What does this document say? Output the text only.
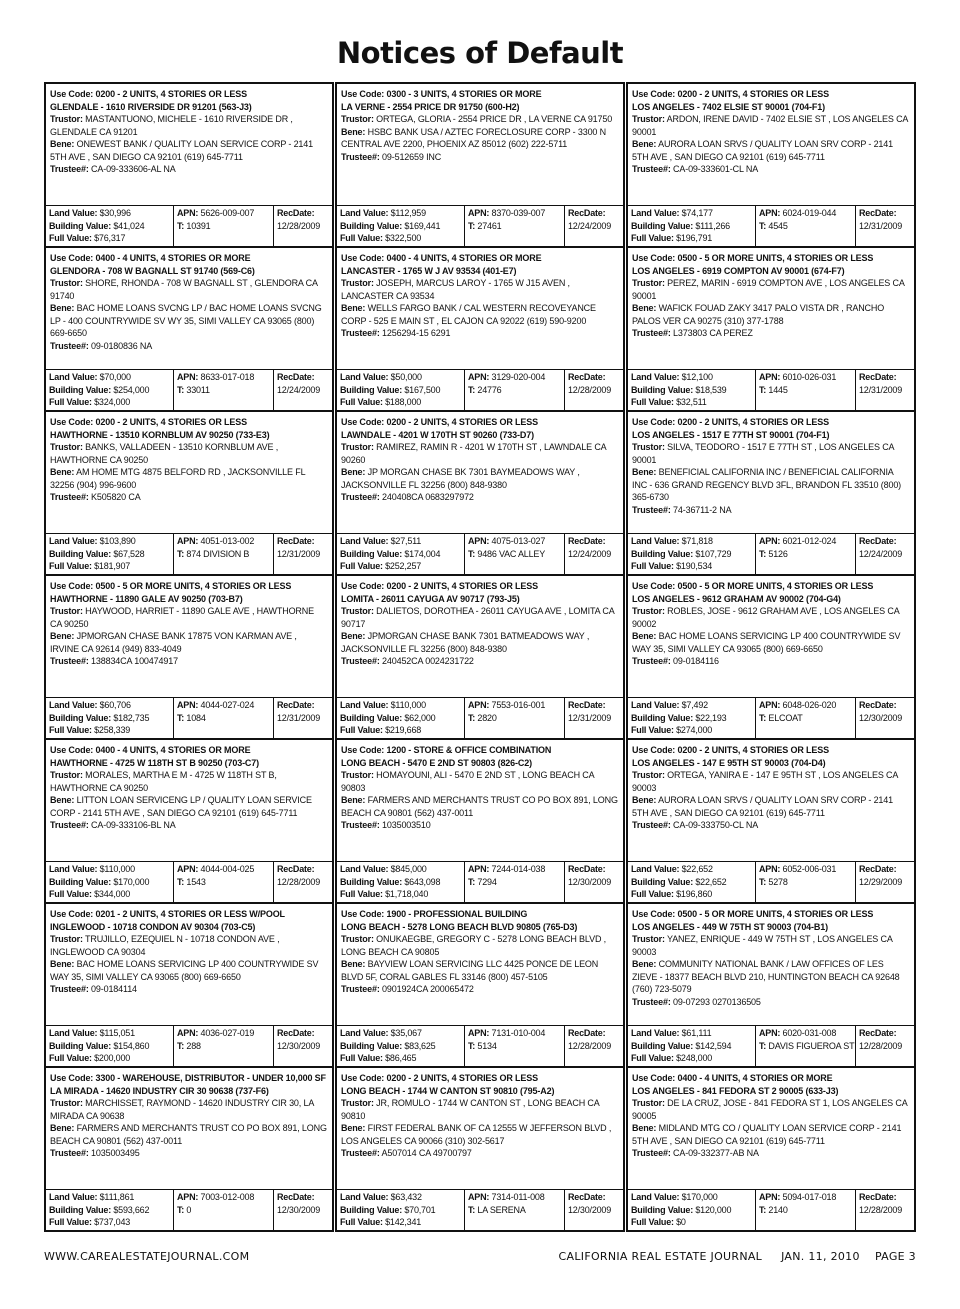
Notices of Default
Use Code: 0200 - 2 UNITS, 4 STORIES OR LESS
GLENDALE - 1610 RIVERSIDE DR 91201 (563-J3)
Trustor: MASTANTUONO, MICHELE - 1610 RIVERSIDE DR , GLENDALE CA 91201
Bene: ONEWEST BANK / QUALITY LOAN SERVICE CORP - 2141 5TH AVE , SAN DIEGO CA 92101 (619) 645-7711
Trustee#: CA-09-333606-AL NA
Land Value: $30,996
Building Value: $41,024
Full Value: $76,317
APN: 5626-009-007
T: 10391
RecDate:
12/28/2009
Use Code: 0400 - 4 UNITS, 4 STORIES OR MORE
GLENDORA - 708 W BAGNALL ST 91740 (569-C6)
Trustor: SHORE, RHONDA - 708 W BAGNALL ST , GLENDORA CA 91740
Bene: BAC HOME LOANS SVCNG LP / BAC HOME LOANS SVCNG LP - 400 COUNTRYWIDE SV WY 35, SIMI VALLEY CA 93065 (800) 669-6650
Trustee#: 09-0180836 NA
Land Value: $70,000
Building Value: $254,000
Full Value: $324,000
APN: 8633-017-018
T: 33011
RecDate:
12/24/2009
Use Code: 0200 - 2 UNITS, 4 STORIES OR LESS
HAWTHORNE - 13510 KORNBLUM AV 90250 (733-E3)
Trustor: BANKS, VALLADEEN - 13510 KORNBLUM AVE , HAWTHORNE CA 90250
Bene: AM HOME MTG 4875 BELFORD RD , JACKSONVILLE FL 32256 (904) 996-9600
Trustee#: K505820 CA
Land Value: $103,890
Building Value: $67,528
Full Value: $181,907
APN: 4051-013-002
T: 874 DIVISION B
RecDate:
12/31/2009
Use Code: 0500 - 5 OR MORE UNITS, 4 STORIES OR LESS
HAWTHORNE - 11890 GALE AV 90250 (703-B7)
Trustor: HAYWOOD, HARRIET - 11890 GALE AVE , HAWTHORNE CA 90250
Bene: JPMORGAN CHASE BANK 17875 VON KARMAN AVE , IRVINE CA 92614 (949) 833-4049
Trustee#: 138834CA 100474917
Land Value: $60,706
Building Value: $182,735
Full Value: $258,339
APN: 4044-027-024
T: 1084
RecDate:
12/31/2009
Use Code: 0400 - 4 UNITS, 4 STORIES OR MORE
HAWTHORNE - 4725 W 118TH ST B 90250 (703-C7)
Trustor: MORALES, MARTHA E M - 4725 W 118TH ST B, HAWTHORNE CA 90250
Bene: LITTON LOAN SERVICENG LP / QUALITY LOAN SERVICE CORP - 2141 5TH AVE , SAN DIEGO CA 92101 (619) 645-7711
Trustee#: CA-09-333106-BL NA
Land Value: $110,000
Building Value: $170,000
Full Value: $344,000
APN: 4044-004-025
T: 1543
RecDate:
12/28/2009
Use Code: 0201 - 2 UNITS, 4 STORIES OR LESS W/POOL
INGLEWOOD - 10718 CONDON AV 90304 (703-C5)
Trustor: TRUJILLO, EZEQUIEL N - 10718 CONDON AVE , INGLEWOOD CA 90304
Bene: BAC HOME LOANS SERVICING LP 400 COUNTRYWIDE SV WAY 35, SIMI VALLEY CA 93065 (800) 669-6650
Trustee#: 09-0184114
Land Value: $115,051
Building Value: $154,860
Full Value: $200,000
APN: 4036-027-019
T: 288
RecDate:
12/30/2009
Use Code: 3300 - WAREHOUSE, DISTRIBUTOR - UNDER 10,000 SF
LA MIRADA - 14620 INDUSTRY CIR 30 90638 (737-F6)
Trustor: MARCHISSET, RAYMOND - 14620 INDUSTRY CIR 30, LA MIRADA CA 90638
Bene: FARMERS AND MERCHANTS TRUST CO PO BOX 891, LONG BEACH CA 90801 (562) 437-0011
Trustee#: 1035003495
Land Value: $111,861
Building Value: $593,662
Full Value: $737,043
APN: 7003-012-008
T: 0
RecDate:
12/30/2009
Use Code: 0300 - 3 UNITS, 4 STORIES OR MORE
LA VERNE - 2554 PRICE DR 91750 (600-H2)
Trustor: ORTEGA, GLORIA - 2554 PRICE DR , LA VERNE CA 91750
Bene: HSBC BANK USA / AZTEC FORECLOSURE CORP - 3300 N CENTRAL AVE 2200, PHOENIX AZ 85012 (602) 222-5711
Trustee#: 09-512659 INC
Land Value: $112,959
Building Value: $169,441
Full Value: $322,500
APN: 8370-039-007
T: 27461
RecDate:
12/24/2009
Use Code: 0400 - 4 UNITS, 4 STORIES OR MORE
LANCASTER - 1765 W J AV 93534 (401-E7)
Trustor: JOSEPH, MARCUS LAROY - 1765 W J15 AVEN , LANCASTER CA 93534
Bene: WELLS FARGO BANK / CAL WESTERN RECOVEYANCE CORP - 525 E MAIN ST , EL CAJON CA 92022 (619) 590-9200
Trustee#: 1256294-15 6291
Land Value: $50,000
Building Value: $167,500
Full Value: $188,000
APN: 3129-020-004
T: 24776
RecDate:
12/28/2009
Use Code: 0200 - 2 UNITS, 4 STORIES OR LESS
LAWNDALE - 4201 W 170TH ST 90260 (733-D7)
Trustor: RAMIREZ, RAMIN R - 4201 W 170TH ST , LAWNDALE CA 90260
Bene: JP MORGAN CHASE BK 7301 BAYMEADOWS WAY , JACKSONVILLE FL 32256 (800) 848-9380
Trustee#: 240408CA 0683297972
Land Value: $27,511
Building Value: $174,004
Full Value: $252,257
APN: 4075-013-027
T: 9486 VAC ALLEY
RecDate:
12/24/2009
Use Code: 0200 - 2 UNITS, 4 STORIES OR LESS
LOMITA - 26011 CAYUGA AV 90717 (793-J5)
Trustor: DALIETOS, DOROTHEA - 26011 CAYUGA AVE , LOMITA CA 90717
Bene: JPMORGAN CHASE BANK 7301 BATMEADOWS WAY , JACKSONVILLE FL 32256 (800) 848-9380
Trustee#: 240452CA 0024231722
Land Value: $110,000
Building Value: $62,000
Full Value: $219,668
APN: 7553-016-001
T: 2820
RecDate:
12/31/2009
Use Code: 1200 - STORE & OFFICE COMBINATION
LONG BEACH - 5470 E 2ND ST 90803 (826-C2)
Trustor: HOMAYOUNI, ALI - 5470 E 2ND ST , LONG BEACH CA 90803
Bene: FARMERS AND MERCHANTS TRUST CO PO BOX 891, LONG BEACH CA 90801 (562) 437-0011
Trustee#: 1035003510
Land Value: $845,000
Building Value: $643,098
Full Value: $1,718,040
APN: 7244-014-038
T: 7294
RecDate:
12/30/2009
Use Code: 1900 - PROFESSIONAL BUILDING
LONG BEACH - 5278 LONG BEACH BLVD 90805 (765-D3)
Trustor: ONUKAEGBE, GREGORY C - 5278 LONG BEACH BLVD , LONG BEACH CA 90805
Bene: BAYVIEW LOAN SERVICING LLC 4425 PONCE DE LEON BLVD 5F, CORAL GABLES FL 33146 (800) 457-5105
Trustee#: 0901924CA 200065472
Land Value: $35,067
Building Value: $83,625
Full Value: $86,465
APN: 7131-010-004
T: 5134
RecDate:
12/28/2009
Use Code: 0200 - 2 UNITS, 4 STORIES OR LESS
LONG BEACH - 1744 W CANTON ST 90810 (795-A2)
Trustor: JR, ROMULO - 1744 W CANTON ST , LONG BEACH CA 90810
Bene: FIRST FEDERAL BANK OF CA 12555 W JEFFERSON BLVD , LOS ANGELES CA 90066 (310) 302-5617
Trustee#: A507014 CA 49700797
Land Value: $63,432
Building Value: $70,701
Full Value: $142,341
APN: 7314-011-008
T: LA SERENA
RecDate:
12/30/2009
Use Code: 0200 - 2 UNITS, 4 STORIES OR LESS
LOS ANGELES - 7402 ELSIE ST 90001 (704-F1)
Trustor: ARDON, IRENE DAVID - 7402 ELSIE ST , LOS ANGELES CA 90001
Bene: AURORA LOAN SRVS / QUALITY LOAN SRV CORP - 2141 5TH AVE , SAN DIEGO CA 92101 (619) 645-7711
Trustee#: CA-09-333601-CL NA
Land Value: $74,177
Building Value: $111,266
Full Value: $196,791
APN: 6024-019-044
T: 4545
RecDate:
12/31/2009
Use Code: 0500 - 5 OR MORE UNITS, 4 STORIES OR LESS
LOS ANGELES - 6919 COMPTON AV 90001 (674-F7)
Trustor: PEREZ, MARIN - 6919 COMPTON AVE , LOS ANGELES CA 90001
Bene: WAFICK FOUAD ZAKY 3417 PALO VISTA DR , RANCHO PALOS VER CA 90275 (310) 377-1788
Trustee#: L373803 CA PEREZ
Land Value: $12,100
Building Value: $18,539
Full Value: $32,511
APN: 6010-026-031
T: 1445
RecDate:
12/31/2009
Use Code: 0200 - 2 UNITS, 4 STORIES OR LESS
LOS ANGELES - 1517 E 77TH ST 90001 (704-F1)
Trustor: SILVA, TEODORO - 1517 E 77TH ST , LOS ANGELES CA 90001
Bene: BENEFICIAL CALIFORNIA INC / BENEFICIAL CALIFORNIA INC - 636 GRAND REGENCY BLVD 3FL, BRANDON FL 33510 (800) 365-6730
Trustee#: 74-36711-2 NA
Land Value: $71,818
Building Value: $107,729
Full Value: $190,534
APN: 6021-012-024
T: 5126
RecDate:
12/24/2009
Use Code: 0500 - 5 OR MORE UNITS, 4 STORIES OR LESS
LOS ANGELES - 9612 GRAHAM AV 90002 (704-G4)
Trustor: ROBLES, JOSE - 9612 GRAHAM AVE , LOS ANGELES CA 90002
Bene: BAC HOME LOANS SERVICING LP 400 COUNTRYWIDE SV WAY 35, SIMI VALLEY CA 93065 (800) 669-6650
Trustee#: 09-0184116
Land Value: $7,492
Building Value: $22,193
Full Value: $274,000
APN: 6048-026-020
T: ELCOAT
RecDate:
12/30/2009
Use Code: 0200 - 2 UNITS, 4 STORIES OR LESS
LOS ANGELES - 147 E 95TH ST 90003 (704-D4)
Trustor: ORTEGA, YANIRA E - 147 E 95TH ST , LOS ANGELES CA 90003
Bene: AURORA LOAN SRVS / QUALITY LOAN SRV CORP - 2141 5TH AVE , SAN DIEGO CA 92101 (619) 645-7711
Trustee#: CA-09-333750-CL NA
Land Value: $22,652
Building Value: $22,652
Full Value: $196,860
APN: 6052-006-031
T: 5278
RecDate:
12/29/2009
Use Code: 0500 - 5 OR MORE UNITS, 4 STORIES OR LESS
LOS ANGELES - 449 W 75TH ST 90003 (704-B1)
Trustor: YANEZ, ENRIQUE - 449 W 75TH ST , LOS ANGELES CA 90003
Bene: COMMUNITY NATIONAL BANK / LAW OFFICES OF LES ZIEVE - 18377 BEACH BLVD 210, HUNTINGTON BEACH CA 92648 (760) 723-5079
Trustee#: 09-07293 0270136505
Land Value: $61,111
Building Value: $142,594
Full Value: $248,000
APN: 6020-031-008
T: DAVIS FIGUEROA ST
RecDate:
12/28/2009
Use Code: 0400 - 4 UNITS, 4 STORIES OR MORE
LOS ANGELES - 841 FEDORA ST 2 90005 (633-J3)
Trustor: DE LA CRUZ, JOSE - 841 FEDORA ST 1, LOS ANGELES CA 90005
Bene: MIDLAND MTG CO / QUALITY LOAN SERVICE CORP - 2141 5TH AVE , SAN DIEGO CA 92101 (619) 645-7711
Trustee#: CA-09-332377-AB NA
Land Value: $170,000
Building Value: $120,000
Full Value: $0
APN: 5094-017-018
T: 2140
RecDate:
12/28/2009
WWW.CAREALESTATEJOURNAL.COM	CALIFORNIA REAL ESTATE JOURNAL     JAN. 11, 2010    PAGE 3
